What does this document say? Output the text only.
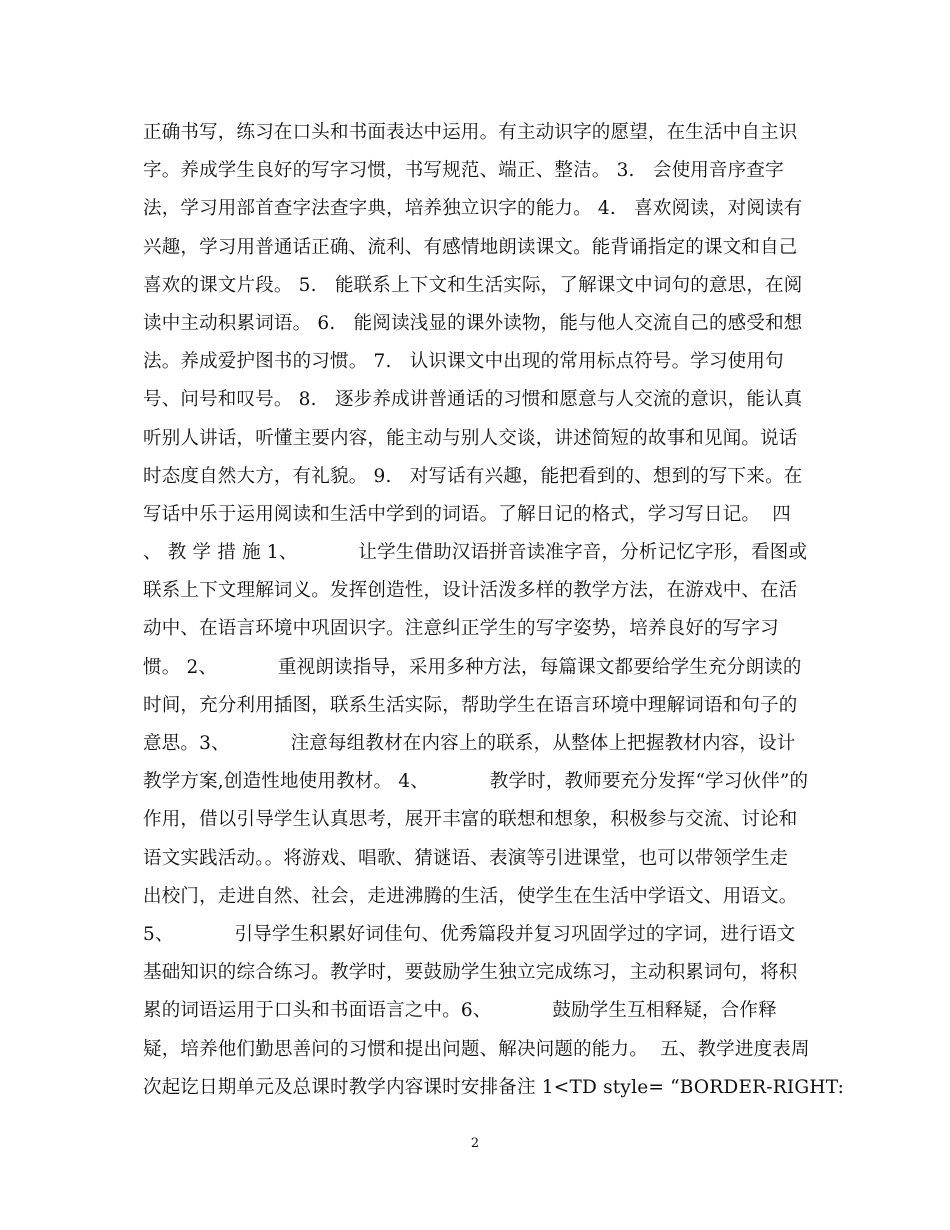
正确书写，练习在口头和书面表达中运用。有主动识字的愿望，在生活中自主识
字。养成学生良好的写字习惯，书写规范、端正、整洁。 3.   会使用音序查字
法，学习用部首查字法查字典，培养独立识字的能力。 4.   喜欢阅读，对阅读有
兴趣，学习用普通话正确、流利、有感情地朗读课文。能背诵指定的课文和自己
喜欢的课文片段。 5.   能联系上下文和生活实际，了解课文中词句的意思，在阅
读中主动积累词语。 6.   能阅读浅显的课外读物，能与他人交流自己的感受和想
法。养成爱护图书的习惯。 7.   认识课文中出现的常用标点符号。学习使用句
号、问号和叹号。 8.   逐步养成讲普通话的习惯和愿意与人交流的意识，能认真
听别人讲话，听懂主要内容，能主动与别人交谈，讲述简短的故事和见闻。说话
时态度自然大方，有礼貌。 9.   对写话有兴趣，能把看到的、想到的写下来。在
写话中乐于运用阅读和生活中学到的词语。了解日记的格式，学习写日记。  四
、 教 学 措 施 1、          让学生借助汉语拼音读准字音，分析记忆字形，看图或
联系上下文理解词义。发挥创造性，设计活泼多样的教学方法，在游戏中、在活
动中、在语言环境中巩固识字。注意纠正学生的写字姿势，培养良好的写字习
惯。 2、          重视朗读指导，采用多种方法，每篇课文都要给学生充分朗读的
时间，充分利用插图，联系生活实际，帮助学生在语言环境中理解词语和句子的
意思。3、          注意每组教材在内容上的联系，从整体上把握教材内容，设计
教学方案,创造性地使用教材。 4、          教学时，教师要充分发挥“学习伙伴”的
作用，借以引导学生认真思考，展开丰富的联想和想象，积极参与交流、讨论和
语文实践活动。。将游戏、唱歌、猜谜语、表演等引进课堂，也可以带领学生走
出校门，走进自然、社会，走进沸腾的生活，使学生在生活中学语文、用语文。
5、          引导学生积累好词佳句、优秀篇段并复习巩固学过的字词，进行语文
基础知识的综合练习。教学时，要鼓励学生独立完成练习，主动积累词句，将积
累的词语运用于口头和书面语言之中。6、          鼓励学生互相释疑，合作释
疑，培养他们勤思善问的习惯和提出问题、解决问题的能力。  五、教学进度表周
次起讫日期单元及总课时教学内容课时安排备注 1<TD style= “BORDER-RIGHT:
2
